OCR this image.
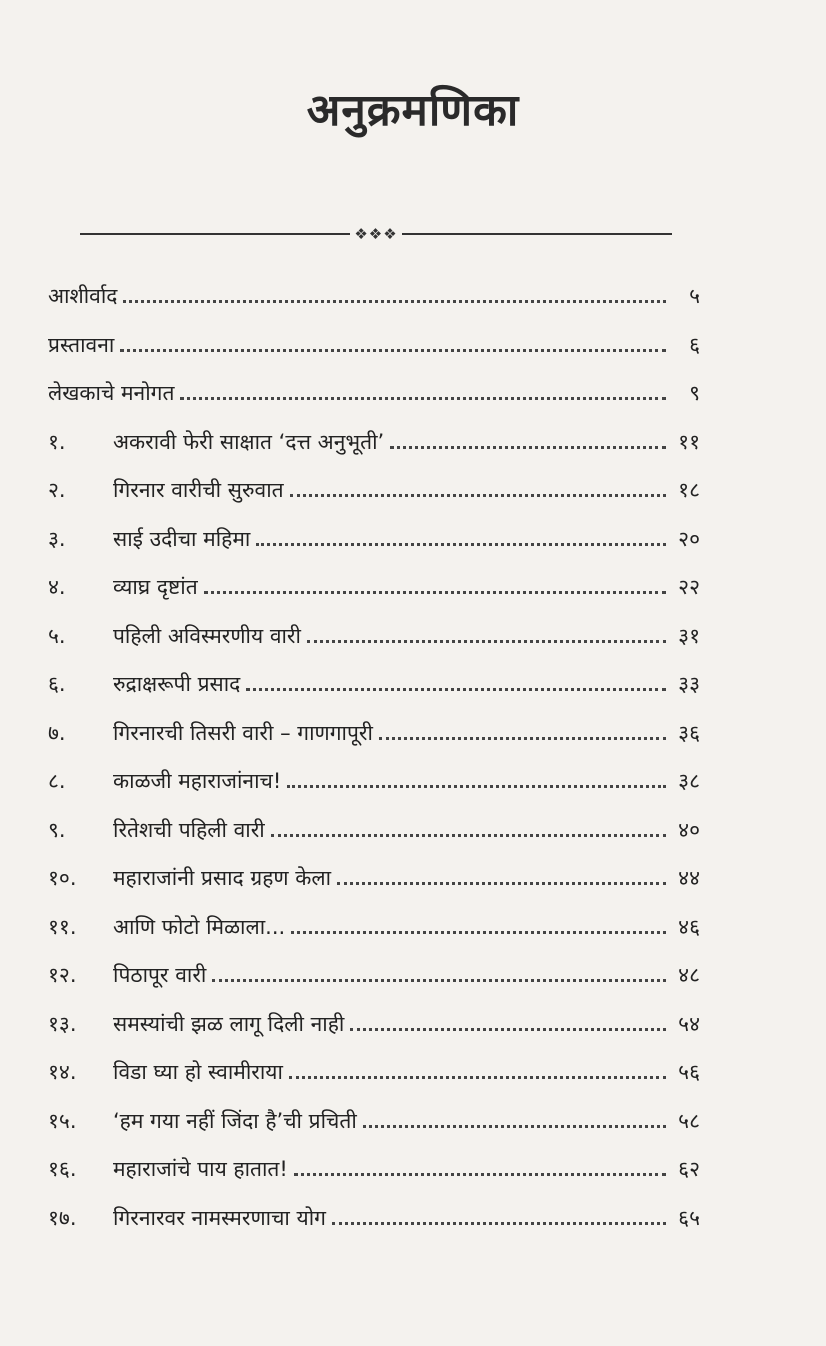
अनुक्रमणिका
❖❖❖
आशीर्वाद	५
प्रस्तावना	६
लेखकाचे मनोगत	९
१.	अकरावी फेरी साक्षात ‘दत्त अनुभूती’	११
२.	गिरनार वारीची सुरुवात	१८
३.	साई उदीचा महिमा	२०
४.	व्याघ्र दृष्टांत	२२
५.	पहिली अविस्मरणीय वारी	३१
६.	रुद्राक्षरूपी प्रसाद	३३
७.	गिरनारची तिसरी वारी – गाणगापूरी	३६
८.	काळजी महाराजांनाच!	३८
९.	रितेशची पहिली वारी	४०
१०.	महाराजांनी प्रसाद ग्रहण केला	४४
११.	आणि फोटो मिळाला...	४६
१२.	पिठापूर वारी	४८
१३.	समस्यांची झळ लागू दिली नाही	५४
१४.	विडा घ्या हो स्वामीराया	५६
१५.	‘हम गया नहीं जिंदा है’ची प्रचिती	५८
१६.	महाराजांचे पाय हातात!	६२
१७.	गिरनारवर नामस्मरणाचा योग	६५
